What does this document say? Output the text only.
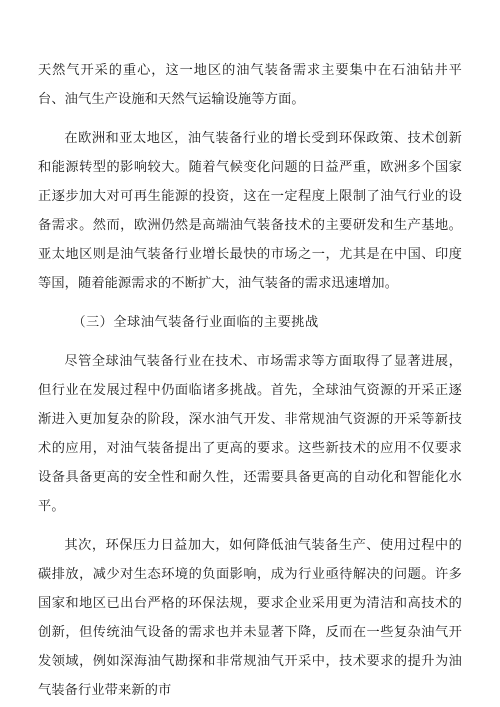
天然气开采的重心，这一地区的油气装备需求主要集中在石油钻井平台、油气生产设施和天然气运输设施等方面。

在欧洲和亚太地区，油气装备行业的增长受到环保政策、技术创新和能源转型的影响较大。随着气候变化问题的日益严重，欧洲多个国家正逐步加大对可再生能源的投资，这在一定程度上限制了油气行业的设备需求。然而，欧洲仍然是高端油气装备技术的主要研发和生产基地。亚太地区则是油气装备行业增长最快的市场之一，尤其是在中国、印度等国，随着能源需求的不断扩大，油气装备的需求迅速增加。

（三）全球油气装备行业面临的主要挑战

尽管全球油气装备行业在技术、市场需求等方面取得了显著进展，但行业在发展过程中仍面临诸多挑战。首先，全球油气资源的开采正逐渐进入更加复杂的阶段，深水油气开发、非常规油气资源的开采等新技术的应用，对油气装备提出了更高的要求。这些新技术的应用不仅要求设备具备更高的安全性和耐久性，还需要具备更高的自动化和智能化水平。

其次，环保压力日益加大，如何降低油气装备生产、使用过程中的碳排放，减少对生态环境的负面影响，成为行业亟待解决的问题。许多国家和地区已出台严格的环保法规，要求企业采用更为清洁和高技术的创新，但传统油气设备的需求也并未显著下降，反而在一些复杂油气开发领域，例如深海油气勘探和非常规油气开采中，技术要求的提升为油气装备行业带来新的市
